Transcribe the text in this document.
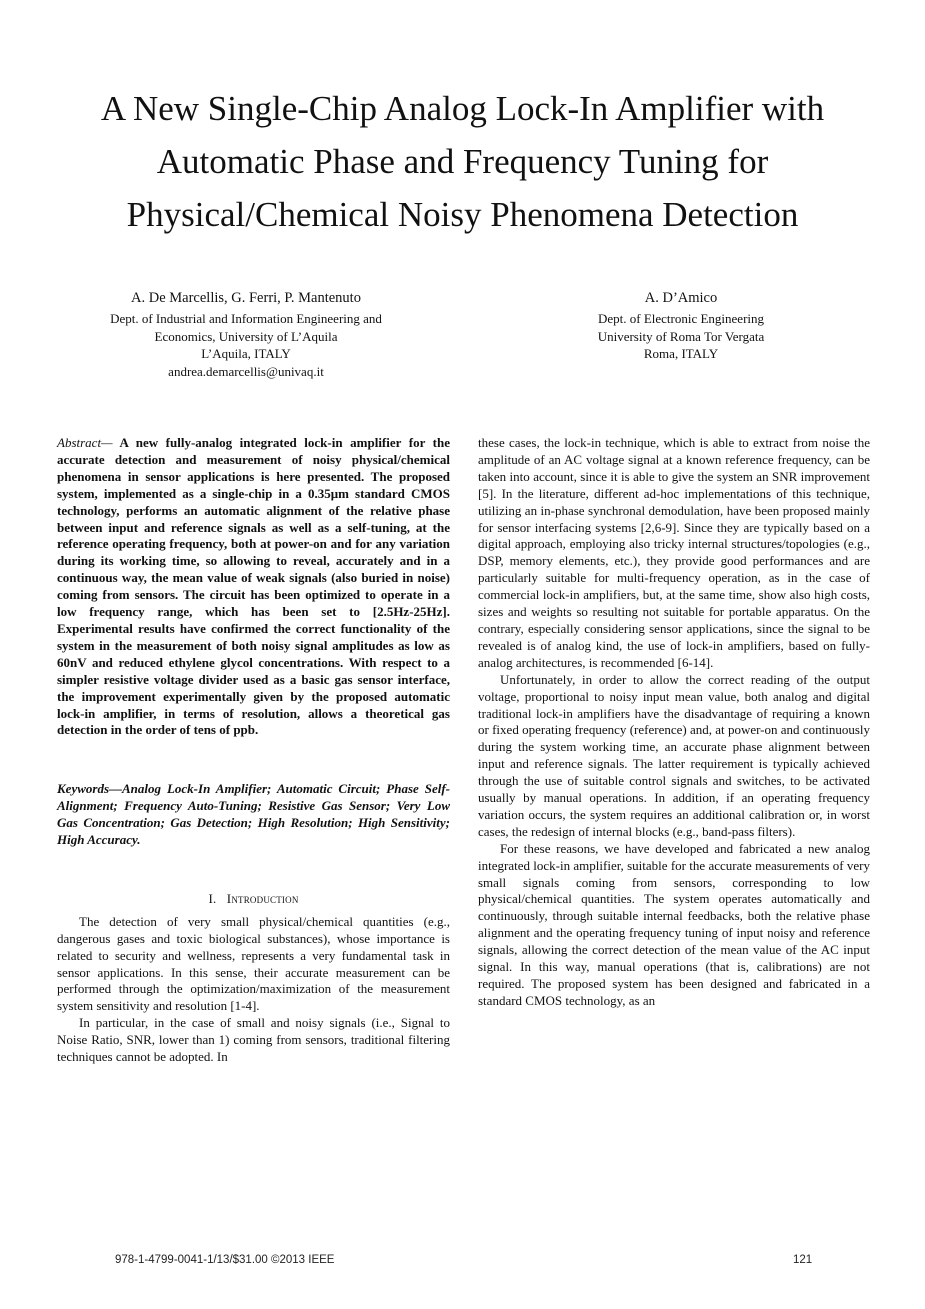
A New Single-Chip Analog Lock-In Amplifier with Automatic Phase and Frequency Tuning for Physical/Chemical Noisy Phenomena Detection
A. De Marcellis, G. Ferri, P. Mantenuto
Dept. of Industrial and Information Engineering and
Economics, University of L’Aquila
L’Aquila, ITALY
andrea.demarcellis@univaq.it
A. D’Amico
Dept. of Electronic Engineering
University of Roma Tor Vergata
Roma, ITALY

Abstract— A new fully-analog integrated lock-in amplifier for the accurate detection and measurement of noisy physical/chemical phenomena in sensor applications is here presented. The proposed system, implemented as a single-chip in a 0.35μm standard CMOS technology, performs an automatic alignment of the relative phase between input and reference signals as well as a self-tuning, at the reference operating frequency, both at power-on and for any variation during its working time, so allowing to reveal, accurately and in a continuous way, the mean value of weak signals (also buried in noise) coming from sensors. The circuit has been optimized to operate in a low frequency range, which has been set to [2.5Hz-25Hz]. Experimental results have confirmed the correct functionality of the system in the measurement of both noisy signal amplitudes as low as 60nV and reduced ethylene glycol concentrations. With respect to a simpler resistive voltage divider used as a basic gas sensor interface, the improvement experimentally given by the proposed automatic lock-in amplifier, in terms of resolution, allows a theoretical gas detection in the order of tens of ppb.

Keywords—Analog Lock-In Amplifier; Automatic Circuit; Phase Self-Alignment; Frequency Auto-Tuning; Resistive Gas Sensor; Very Low Gas Concentration; Gas Detection; High Resolution; High Sensitivity; High Accuracy.

I. Introduction

The detection of very small physical/chemical quantities (e.g., dangerous gases and toxic biological substances), whose importance is related to security and wellness, represents a very fundamental task in sensor applications. In this sense, their accurate measurement can be performed through the optimization/maximization of the measurement system sensitivity and resolution [1-4].

In particular, in the case of small and noisy signals (i.e., Signal to Noise Ratio, SNR, lower than 1) coming from sensors, traditional filtering techniques cannot be adopted. In

these cases, the lock-in technique, which is able to extract from noise the amplitude of an AC voltage signal at a known reference frequency, can be taken into account, since it is able to give the system an SNR improvement [5]. In the literature, different ad-hoc implementations of this technique, utilizing an in-phase synchronal demodulation, have been proposed mainly for sensor interfacing systems [2,6-9]. Since they are typically based on a digital approach, employing also tricky internal structures/topologies (e.g., DSP, memory elements, etc.), they provide good performances and are particularly suitable for multi-frequency operation, as in the case of commercial lock-in amplifiers, but, at the same time, show also high costs, sizes and weights so resulting not suitable for portable apparatus. On the contrary, especially considering sensor applications, since the signal to be revealed is of analog kind, the use of lock-in amplifiers, based on fully-analog architectures, is recommended [6-14].

Unfortunately, in order to allow the correct reading of the output voltage, proportional to noisy input mean value, both analog and digital traditional lock-in amplifiers have the disadvantage of requiring a known or fixed operating frequency (reference) and, at power-on and continuously during the system working time, an accurate phase alignment between input and reference signals. The latter requirement is typically achieved through the use of suitable control signals and switches, to be activated usually by manual operations. In addition, if an operating frequency variation occurs, the system requires an additional calibration or, in worst cases, the redesign of internal blocks (e.g., band-pass filters).

For these reasons, we have developed and fabricated a new analog integrated lock-in amplifier, suitable for the accurate measurements of very small signals coming from sensors, corresponding to low physical/chemical quantities. The system operates automatically and continuously, through suitable internal feedbacks, both the relative phase alignment and the operating frequency tuning of input noisy and reference signals, allowing the correct detection of the mean value of the AC input signal. In this way, manual operations (that is, calibrations) are not required. The proposed system has been designed and fabricated in a standard CMOS technology, as an

978-1-4799-0041-1/13/$31.00 ©2013 IEEE	121
